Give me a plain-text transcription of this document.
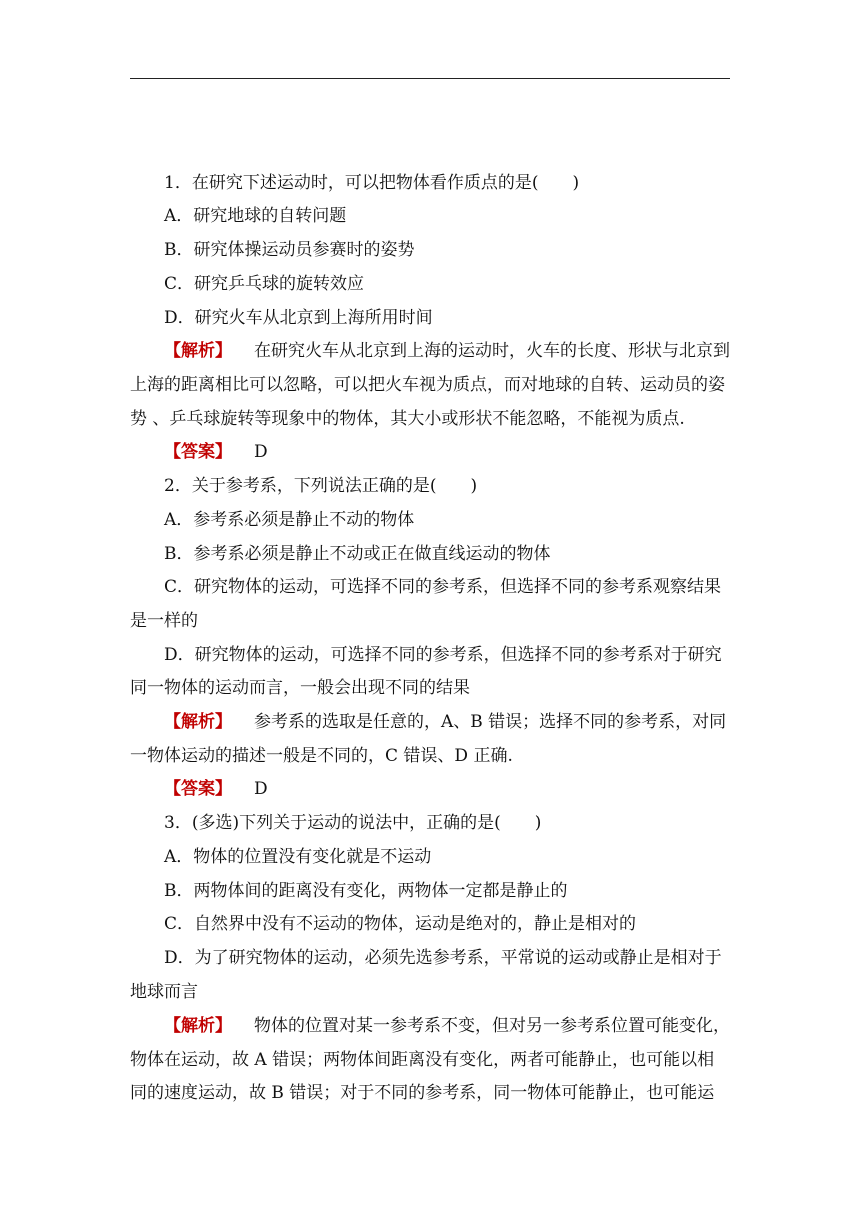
1．在研究下述运动时，可以把物体看作质点的是(　　)
A．研究地球的自转问题
B．研究体操运动员参赛时的姿势
C．研究乒乓球的旋转效应
D．研究火车从北京到上海所用时间
【解析】 在研究火车从北京到上海的运动时，火车的长度、形状与北京到
上海的距离相比可以忽略，可以把火车视为质点，而对地球的自转、运动员的姿
势 、乒乓球旋转等现象中的物体，其大小或形状不能忽略，不能视为质点.
【答案】 D
2．关于参考系，下列说法正确的是(　　)
A．参考系必须是静止不动的物体
B．参考系必须是静止不动或正在做直线运动的物体
C．研究物体的运动，可选择不同的参考系，但选择不同的参考系观察结果
是一样的
D．研究物体的运动，可选择不同的参考系，但选择不同的参考系对于研究
同一物体的运动而言，一般会出现不同的结果
【解析】 参考系的选取是任意的，A、B 错误；选择不同的参考系，对同
一物体运动的描述一般是不同的，C 错误、D 正确.
【答案】 D
3．(多选)下列关于运动的说法中，正确的是(　　)
A．物体的位置没有变化就是不运动
B．两物体间的距离没有变化，两物体一定都是静止的
C．自然界中没有不运动的物体，运动是绝对的，静止是相对的
D．为了研究物体的运动，必须先选参考系，平常说的运动或静止是相对于
地球而言
【解析】 物体的位置对某一参考系不变，但对另一参考系位置可能变化，
物体在运动，故 A 错误；两物体间距离没有变化，两者可能静止，也可能以相
同的速度运动，故 B 错误；对于不同的参考系，同一物体可能静止，也可能运
